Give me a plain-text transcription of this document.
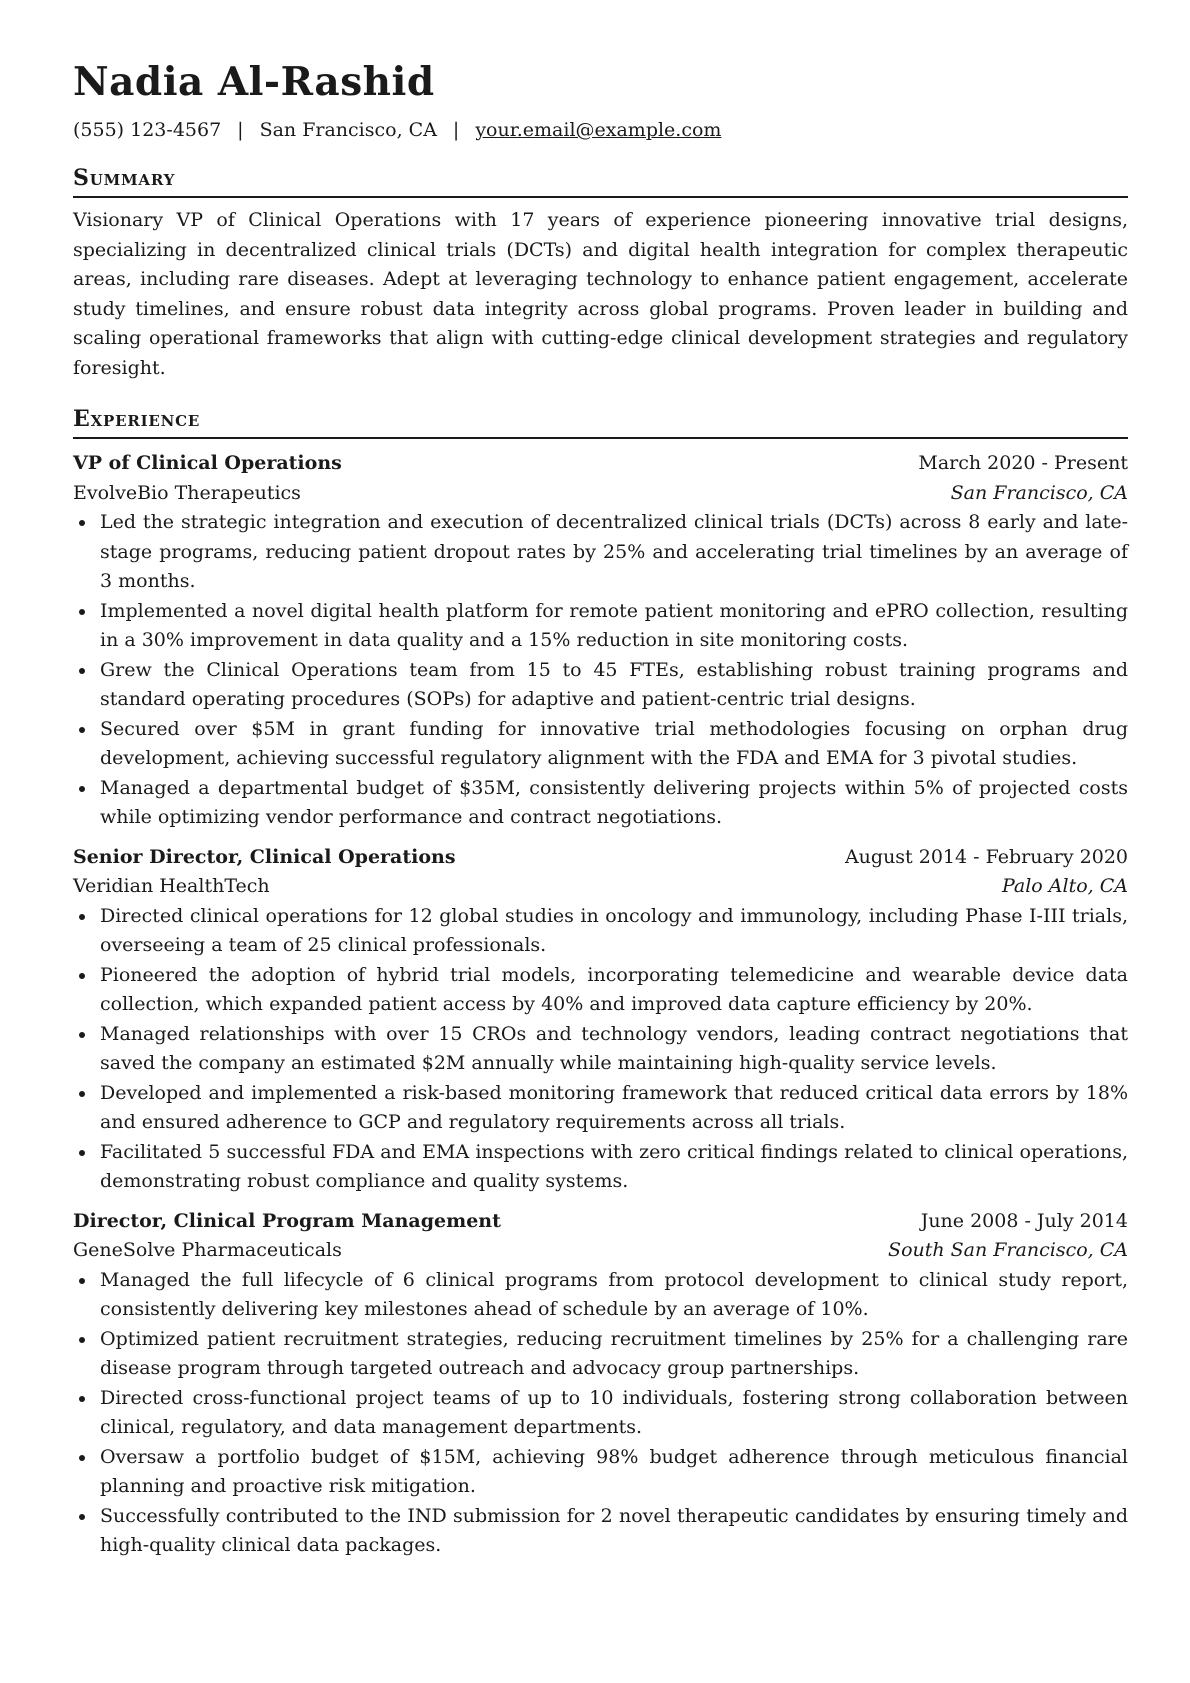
Nadia Al-Rashid
(555) 123-4567 | San Francisco, CA | your.email@example.com
Summary
Visionary VP of Clinical Operations with 17 years of experience pioneering innovative trial designs, specializing in decentralized clinical trials (DCTs) and digital health integration for complex therapeutic areas, including rare diseases. Adept at leveraging technology to enhance patient engagement, accelerate study timelines, and ensure robust data integrity across global programs. Proven leader in building and scaling operational frameworks that align with cutting-edge clinical development strategies and regulatory foresight.
Experience
VP of Clinical Operations	March 2020 - Present
EvolveBio Therapeutics	San Francisco, CA
Led the strategic integration and execution of decentralized clinical trials (DCTs) across 8 early and late-stage programs, reducing patient dropout rates by 25% and accelerating trial timelines by an average of 3 months.
Implemented a novel digital health platform for remote patient monitoring and ePRO collection, resulting in a 30% improvement in data quality and a 15% reduction in site monitoring costs.
Grew the Clinical Operations team from 15 to 45 FTEs, establishing robust training programs and standard operating procedures (SOPs) for adaptive and patient-centric trial designs.
Secured over $5M in grant funding for innovative trial methodologies focusing on orphan drug development, achieving successful regulatory alignment with the FDA and EMA for 3 pivotal studies.
Managed a departmental budget of $35M, consistently delivering projects within 5% of projected costs while optimizing vendor performance and contract negotiations.
Senior Director, Clinical Operations	August 2014 - February 2020
Veridian HealthTech	Palo Alto, CA
Directed clinical operations for 12 global studies in oncology and immunology, including Phase I-III trials, overseeing a team of 25 clinical professionals.
Pioneered the adoption of hybrid trial models, incorporating telemedicine and wearable device data collection, which expanded patient access by 40% and improved data capture efficiency by 20%.
Managed relationships with over 15 CROs and technology vendors, leading contract negotiations that saved the company an estimated $2M annually while maintaining high-quality service levels.
Developed and implemented a risk-based monitoring framework that reduced critical data errors by 18% and ensured adherence to GCP and regulatory requirements across all trials.
Facilitated 5 successful FDA and EMA inspections with zero critical findings related to clinical operations, demonstrating robust compliance and quality systems.
Director, Clinical Program Management	June 2008 - July 2014
GeneSolve Pharmaceuticals	South San Francisco, CA
Managed the full lifecycle of 6 clinical programs from protocol development to clinical study report, consistently delivering key milestones ahead of schedule by an average of 10%.
Optimized patient recruitment strategies, reducing recruitment timelines by 25% for a challenging rare disease program through targeted outreach and advocacy group partnerships.
Directed cross-functional project teams of up to 10 individuals, fostering strong collaboration between clinical, regulatory, and data management departments.
Oversaw a portfolio budget of $15M, achieving 98% budget adherence through meticulous financial planning and proactive risk mitigation.
Successfully contributed to the IND submission for 2 novel therapeutic candidates by ensuring timely and high-quality clinical data packages.
